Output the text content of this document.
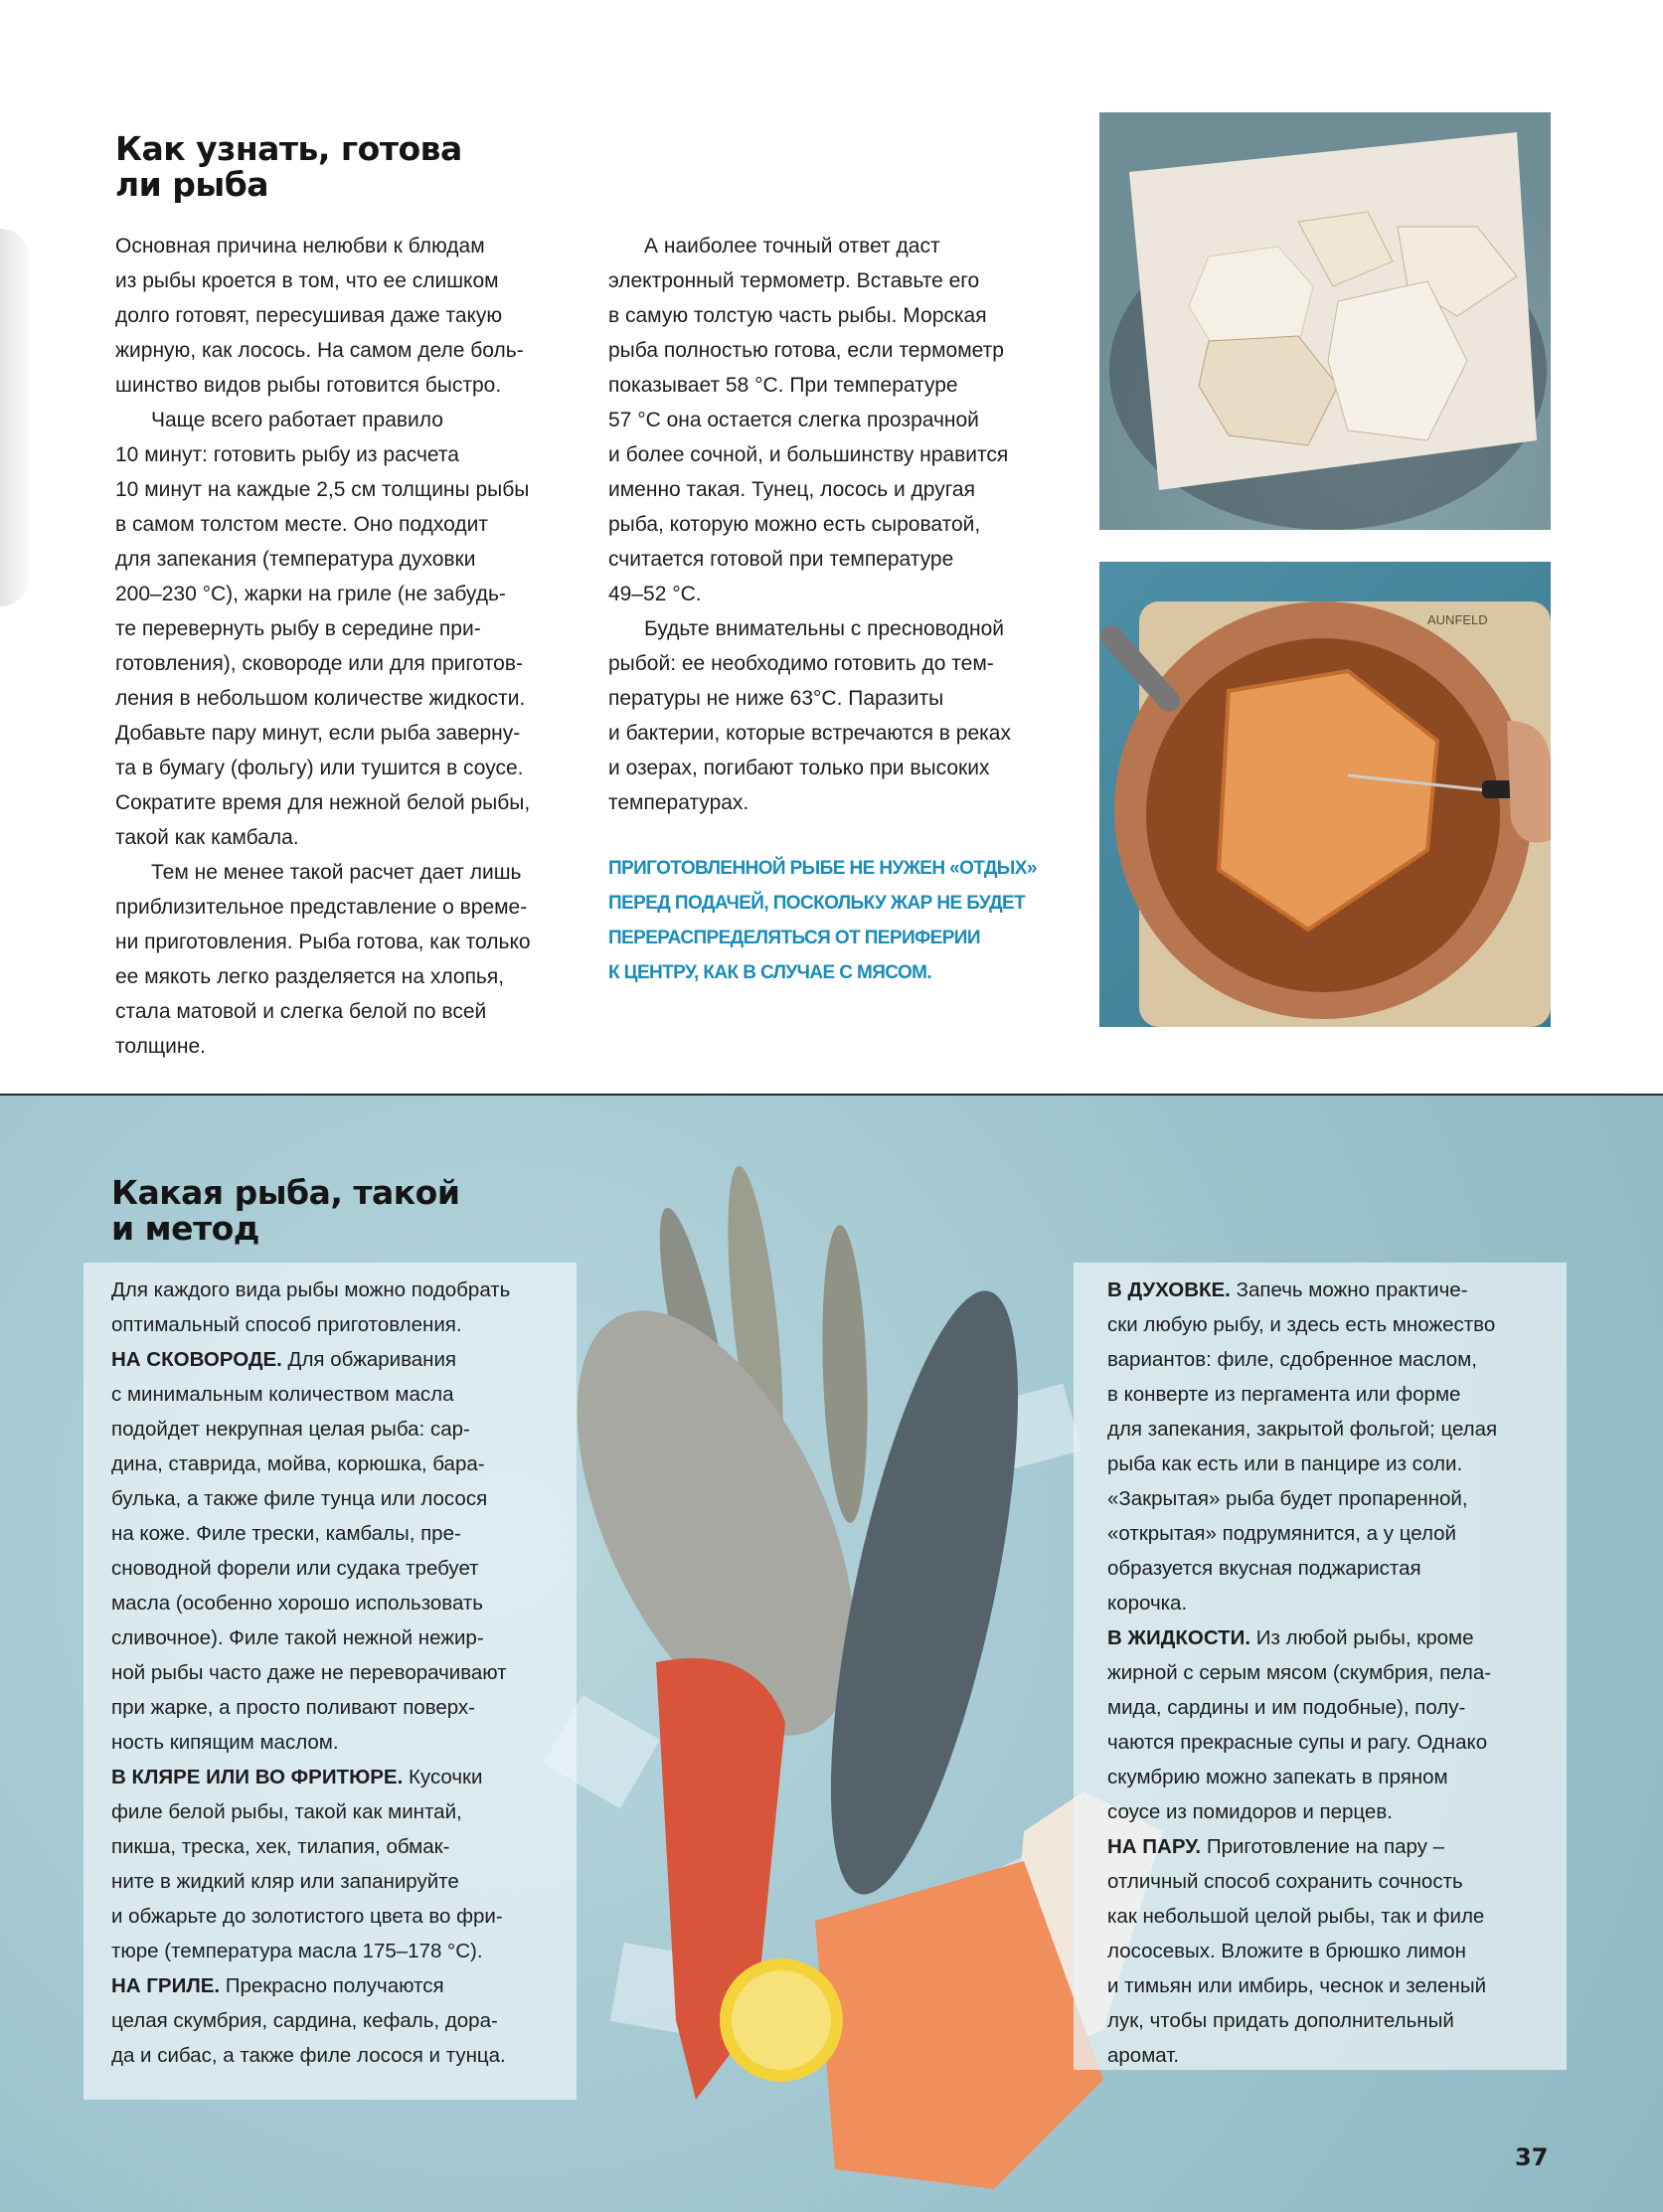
Как узнать, готова
ли рыба
Основная причина нелюбви к блюдам
из рыбы кроется в том, что ее слишком
долго готовят, пересушивая даже такую
жирную, как лосось. На самом деле боль-
шинство видов рыбы готовится быстро.
Чаще всего работает правило
10 минут: готовить рыбу из расчета
10 минут на каждые 2,5 см толщины рыбы
в самом толстом месте. Оно подходит
для запекания (температура духовки
200–230 °C), жарки на гриле (не забудь-
те перевернуть рыбу в середине при-
готовления), сковороде или для приготов-
ления в небольшом количестве жидкости.
Добавьте пару минут, если рыба заверну-
та в бумагу (фольгу) или тушится в соусе.
Сократите время для нежной белой рыбы,
такой как камбала.
Тем не менее такой расчет дает лишь
приблизительное представление о време-
ни приготовления. Рыба готова, как только
ее мякоть легко разделяется на хлопья,
стала матовой и слегка белой по всей
толщине.
А наиболее точный ответ даст
электронный термометр. Вставьте его
в самую толстую часть рыбы. Морская
рыба полностью готова, если термометр
показывает 58 °C. При температуре
57 °C она остается слегка прозрачной
и более сочной, и большинству нравится
именно такая. Тунец, лосось и другая
рыба, которую можно есть сыроватой,
считается готовой при температуре
49–52 °C.
Будьте внимательны с пресноводной
рыбой: ее необходимо готовить до тем-
пературы не ниже 63°C. Паразиты
и бактерии, которые встречаются в реках
и озерах, погибают только при высоких
температурах.
ПРИГОТОВЛЕННОЙ РЫБЕ НЕ НУЖЕН «ОТДЫХ»
ПЕРЕД ПОДАЧЕЙ, ПОСКОЛЬКУ ЖАР НЕ БУДЕТ
ПЕРЕРАСПРЕДЕЛЯТЬСЯ ОТ ПЕРИФЕРИИ
К ЦЕНТРУ, КАК В СЛУЧАЕ С МЯСОМ.
AUNFELD
Какая рыба, такой
и метод
Для каждого вида рыбы можно подобрать
оптимальный способ приготовления.
НА СКОВОРОДЕ. Для обжаривания
с минимальным количеством масла
подойдет некрупная целая рыба: сар-
дина, ставрида, мойва, корюшка, бара-
булька, а также филе тунца или лосося
на коже. Филе трески, камбалы, пре-
сноводной форели или судака требует
масла (особенно хорошо использовать
сливочное). Филе такой нежной нежир-
ной рыбы часто даже не переворачивают
при жарке, а просто поливают поверх-
ность кипящим маслом.
В КЛЯРЕ ИЛИ ВО ФРИТЮРЕ. Кусочки
филе белой рыбы, такой как минтай,
пикша, треска, хек, тилапия, обмак-
ните в жидкий кляр или запанируйте
и обжарьте до золотистого цвета во фри-
тюре (температура масла 175–178 °C).
НА ГРИЛЕ. Прекрасно получаются
целая скумбрия, сардина, кефаль, дора-
да и сибас, а также филе лосося и тунца.
В ДУХОВКЕ. Запечь можно практиче-
ски любую рыбу, и здесь есть множество
вариантов: филе, сдобренное маслом,
в конверте из пергамента или форме
для запекания, закрытой фольгой; целая
рыба как есть или в панцире из соли.
«Закрытая» рыба будет пропаренной,
«открытая» подрумянится, а у целой
образуется вкусная поджаристая
корочка.
В ЖИДКОСТИ. Из любой рыбы, кроме
жирной с серым мясом (скумбрия, пела-
мида, сардины и им подобные), полу-
чаются прекрасные супы и рагу. Однако
скумбрию можно запекать в пряном
соусе из помидоров и перцев.
НА ПАРУ. Приготовление на пару –
отличный способ сохранить сочность
как небольшой целой рыбы, так и филе
лососевых. Вложите в брюшко лимон
и тимьян или имбирь, чеснок и зеленый
лук, чтобы придать дополнительный
аромат.
37
